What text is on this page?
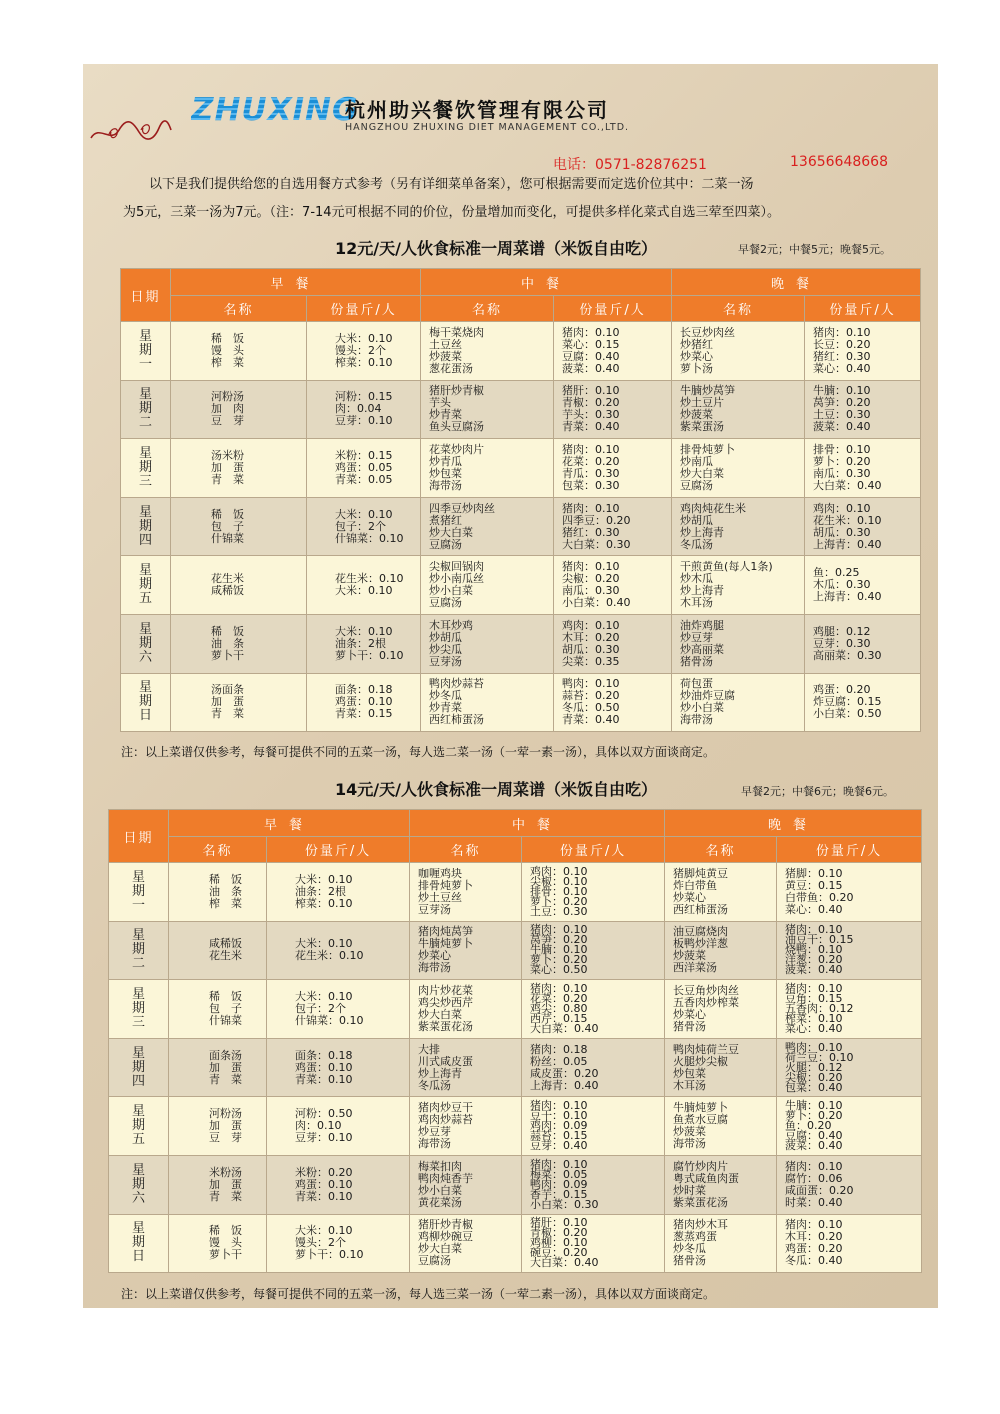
ZHUXING
杭州助兴餐饮管理有限公司
HANGZHOU ZHUXING DIET MANAGEMENT CO.,LTD.
电话：0571-82876251	13656648668
　　以下是我们提供给您的自选用餐方式参考（另有详细菜单备案），您可根据需要而定选价位其中：二菜一汤
为5元，三菜一汤为7元。（注：7-14元可根据不同的价位，份量增加而变化，可提供多样化菜式自选三荤至四菜）。
12元/天/人伙食标准一周菜谱（米饭自由吃）	早餐2元；中餐5元；晚餐5元。
日期	早餐		中餐		晚餐	
	名称	份量斤/人	名称	份量斤/人	名称	份量斤/人

星
期
一	稀　饭
馒　头
榨　菜	大米：0.10
馒头：2个
榨菜：0.10	梅干菜烧肉
土豆丝
炒菠菜
葱花蛋汤	猪肉：0.10
菜心：0.15
豆腐：0.40
菠菜：0.40	长豆炒肉丝
炒猪红
炒菜心
萝卜汤	猪肉：0.10
长豆：0.20
猪红：0.30
菜心：0.40

星
期
二	河粉汤
加　肉
豆　芽	河粉：0.15
肉：0.04
豆芽：0.10	猪肝炒青椒
芋头
炒青菜
鱼头豆腐汤	猪肝：0.10
青椒：0.20
芋头：0.30
青菜：0.40	牛腩炒莴笋
炒土豆片
炒菠菜
紫菜蛋汤	牛腩：0.10
莴笋：0.20
土豆：0.30
菠菜：0.40

星
期
三	汤米粉
加　蛋
青　菜	米粉：0.15
鸡蛋：0.05
青菜：0.05	花菜炒肉片
炒青瓜
炒包菜
海带汤	猪肉：0.10
花菜：0.20
青瓜：0.30
包菜：0.30	排骨炖萝卜
炒南瓜
炒大白菜
豆腐汤	排骨：0.10
萝卜：0.20
南瓜：0.30
大白菜：0.40

星
期
四	稀　饭
包　子
什锦菜	大米：0.10
包子：2个
什锦菜：0.10	四季豆炒肉丝
煮猪红
炒大白菜
豆腐汤	猪肉：0.10
四季豆：0.20
猪红：0.30
大白菜：0.30	鸡肉炖花生米
炒胡瓜
炒上海青
冬瓜汤	鸡肉：0.10
花生米：0.10
胡瓜：0.30
上海青：0.40

星
期
五	花生米
咸稀饭	花生米：0.10
大米：0.10	尖椒回锅肉
炒小南瓜丝
炒小白菜
豆腐汤	猪肉：0.10
尖椒：0.20
南瓜：0.30
小白菜：0.40	干煎黄鱼(每人1条)
炒木瓜
炒上海青
木耳汤	鱼：0.25
木瓜：0.30
上海青：0.40

星
期
六	稀　饭
油　条
萝卜干	大米：0.10
油条：2根
萝卜干：0.10	木耳炒鸡
炒胡瓜
炒尖瓜
豆芽汤	鸡肉：0.10
木耳：0.20
胡瓜：0.30
尖菜：0.35	油炸鸡腿
炒豆芽
炒高丽菜
猪骨汤	鸡腿：0.12
豆芽：0.30
高丽菜：0.30

星
期
日	汤面条
加　蛋
青　菜	面条：0.18
鸡蛋：0.10
青菜：0.15	鸭肉炒蒜苔
炒冬瓜
炒青菜
西红柿蛋汤	鸭肉：0.10
蒜苔：0.20
冬瓜：0.50
青菜：0.40	荷包蛋
炒油炸豆腐
炒小白菜
海带汤	鸡蛋：0.20
炸豆腐：0.15
小白菜：0.50
注：以上菜谱仅供参考，每餐可提供不同的五菜一汤，每人选二菜一汤（一荤一素一汤），具体以双方面谈商定。
14元/天/人伙食标准一周菜谱（米饭自由吃）	早餐2元；中餐6元；晚餐6元。
日期	早餐		中餐		晚餐	
	名称	份量斤/人	名称	份量斤/人	名称	份量斤/人

星
期
一	稀　饭
油　条
榨　菜	大米：0.10
油条：2根
榨菜：0.10	咖喱鸡块
排骨炖萝卜
炒土豆丝
豆芽汤	鸡肉：0.10
尖椒：0.10
排骨：0.10
萝卜：0.20
土豆：0.30	猪脚炖黄豆
炸白带鱼
炒菜心
西红柿蛋汤	猪脚：0.10
黄豆：0.15
白带鱼：0.20
菜心：0.40

星
期
二	咸稀饭
花生米	大米：0.10
花生米：0.10	猪肉炖莴笋
牛腩炖萝卜
炒菜心
海带汤	猪肉：0.10
莴笋：0.20
牛腩：0.10
萝卜：0.20
菜心：0.50	油豆腐烧肉
板鸭炒洋葱
炒菠菜
西洋菜汤	猪肉：0.10
油豆干：0.15
烧鸭：0.10
洋葱：0.20
菠菜：0.40

星
期
三	稀　饭
包　子
什锦菜	大米：0.10
包子：2个
什锦菜：0.10	肉片炒花菜
鸡尖炒西芹
炒大白菜
紫菜蛋花汤	猪肉：0.10
花菜：0.20
鸡尖：0.80
西芹：0.15
大白菜：0.40	长豆角炒肉丝
五香肉炒榨菜
炒菜心
猪骨汤	猪肉：0.10
豆角：0.15
五香肉：0.12
榨菜：0.10
菜心：0.40

星
期
四	面条汤
加　蛋
青　菜	面条：0.18
鸡蛋：0.10
青菜：0.10	大排
川式咸皮蛋
炒上海青
冬瓜汤	猪肉：0.18
粉丝：0.05
咸皮蛋：0.20
上海青：0.40	鸭肉炖荷兰豆
火腿炒尖椒
炒包菜
木耳汤	鸭肉：0.10
荷兰豆：0.10
火腿：0.12
尖椒：0.20
包菜：0.40

星
期
五	河粉汤
加　蛋
豆　芽	河粉：0.50
肉：0.10
豆芽：0.10	猪肉炒豆干
鸡肉炒蒜苔
炒豆芽
海带汤	猪肉：0.10
豆干：0.10
鸡肉：0.09
蒜苔：0.15
豆芽：0.40	牛腩炖萝卜
鱼煮水豆腐
炒菠菜
海带汤	牛腩：0.10
萝卜：0.20
鱼：0.20
豆腐：0.40
菠菜：0.40

星
期
六	米粉汤
加　蛋
青　菜	米粉：0.20
鸡蛋：0.10
青菜：0.10	梅菜扣肉
鸭肉炖香芋
炒小白菜
黄花菜汤	猪肉：0.10
梅菜：0.05
鸭肉：0.09
香芋：0.15
小白菜：0.30	腐竹炒肉片
粤式咸鱼肉蛋
炒时菜
紫菜蛋花汤	猪肉：0.10
腐竹：0.06
咸面蛋：0.20
时菜：0.40

星
期
日	稀　饭
馒　头
萝卜干	大米：0.10
馒头：2个
萝卜干：0.10	猪肝炒青椒
鸡柳炒碗豆
炒大白菜
豆腐汤	猪肝：0.10
青椒：0.20
鸡柳：0.10
碗豆：0.20
大白菜：0.40	猪肉炒木耳
葱蒸鸡蛋
炒冬瓜
猪骨汤	猪肉：0.10
木耳：0.20
鸡蛋：0.20
冬瓜：0.40
注：以上菜谱仅供参考，每餐可提供不同的五菜一汤，每人选三菜一汤（一荤二素一汤），具体以双方面谈商定。
